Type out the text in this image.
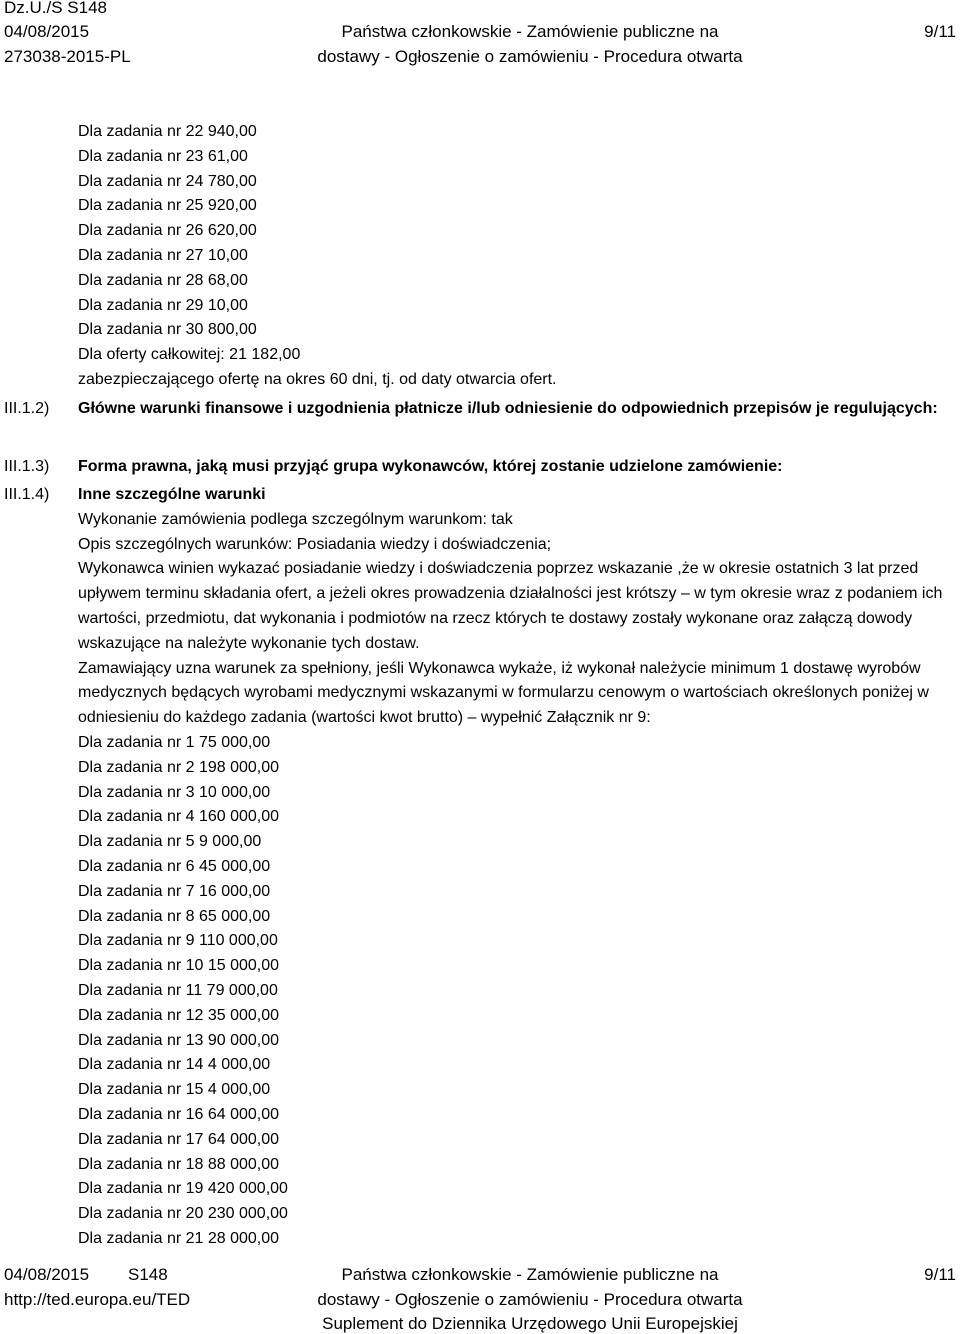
Dz.U./S S148
04/08/2015
273038-2015-PL
Państwa członkowskie - Zamówienie publiczne na
dostawy - Ogłoszenie o zamówieniu - Procedura otwarta
9/11
Dla zadania nr 22 940,00
Dla zadania nr 23 61,00
Dla zadania nr 24 780,00
Dla zadania nr 25 920,00
Dla zadania nr 26 620,00
Dla zadania nr 27 10,00
Dla zadania nr 28 68,00
Dla zadania nr 29 10,00
Dla zadania nr 30 800,00
Dla oferty całkowitej: 21 182,00
zabezpieczającego ofertę na okres 60 dni, tj. od daty otwarcia ofert.
III.1.2) Główne warunki finansowe i uzgodnienia płatnicze i/lub odniesienie do odpowiednich przepisów je regulujących:
III.1.3) Forma prawna, jaką musi przyjąć grupa wykonawców, której zostanie udzielone zamówienie:
III.1.4) Inne szczególne warunki
Wykonanie zamówienia podlega szczególnym warunkom: tak
Opis szczególnych warunków: Posiadania wiedzy i doświadczenia;
Wykonawca winien wykazać posiadanie wiedzy i doświadczenia poprzez wskazanie ,że w okresie ostatnich 3 lat przed upływem terminu składania ofert, a jeżeli okres prowadzenia działalności jest krótszy – w tym okresie wraz z podaniem ich wartości, przedmiotu, dat wykonania i podmiotów na rzecz których te dostawy zostały wykonane oraz załączą dowody wskazujące na należyte wykonanie tych dostaw.
Zamawiający uzna warunek za spełniony, jeśli Wykonawca wykaże, iż wykonał należycie minimum 1 dostawę wyrobów medycznych będących wyrobami medycznymi wskazanymi w formularzu cenowym o wartościach określonych poniżej w odniesieniu do każdego zadania (wartości kwot brutto) – wypełnić Załącznik nr 9:
Dla zadania nr 1 75 000,00
Dla zadania nr 2 198 000,00
Dla zadania nr 3 10 000,00
Dla zadania nr 4 160 000,00
Dla zadania nr 5 9 000,00
Dla zadania nr 6 45 000,00
Dla zadania nr 7 16 000,00
Dla zadania nr 8 65 000,00
Dla zadania nr 9 110 000,00
Dla zadania nr 10 15 000,00
Dla zadania nr 11 79 000,00
Dla zadania nr 12 35 000,00
Dla zadania nr 13 90 000,00
Dla zadania nr 14 4 000,00
Dla zadania nr 15 4 000,00
Dla zadania nr 16 64 000,00
Dla zadania nr 17 64 000,00
Dla zadania nr 18 88 000,00
Dla zadania nr 19 420 000,00
Dla zadania nr 20 230 000,00
Dla zadania nr 21 28 000,00
04/08/2015 S148
http://ted.europa.eu/TED
Państwa członkowskie - Zamówienie publiczne na
dostawy - Ogłoszenie o zamówieniu - Procedura otwarta
Suplement do Dziennika Urzędowego Unii Europejskiej
9/11
